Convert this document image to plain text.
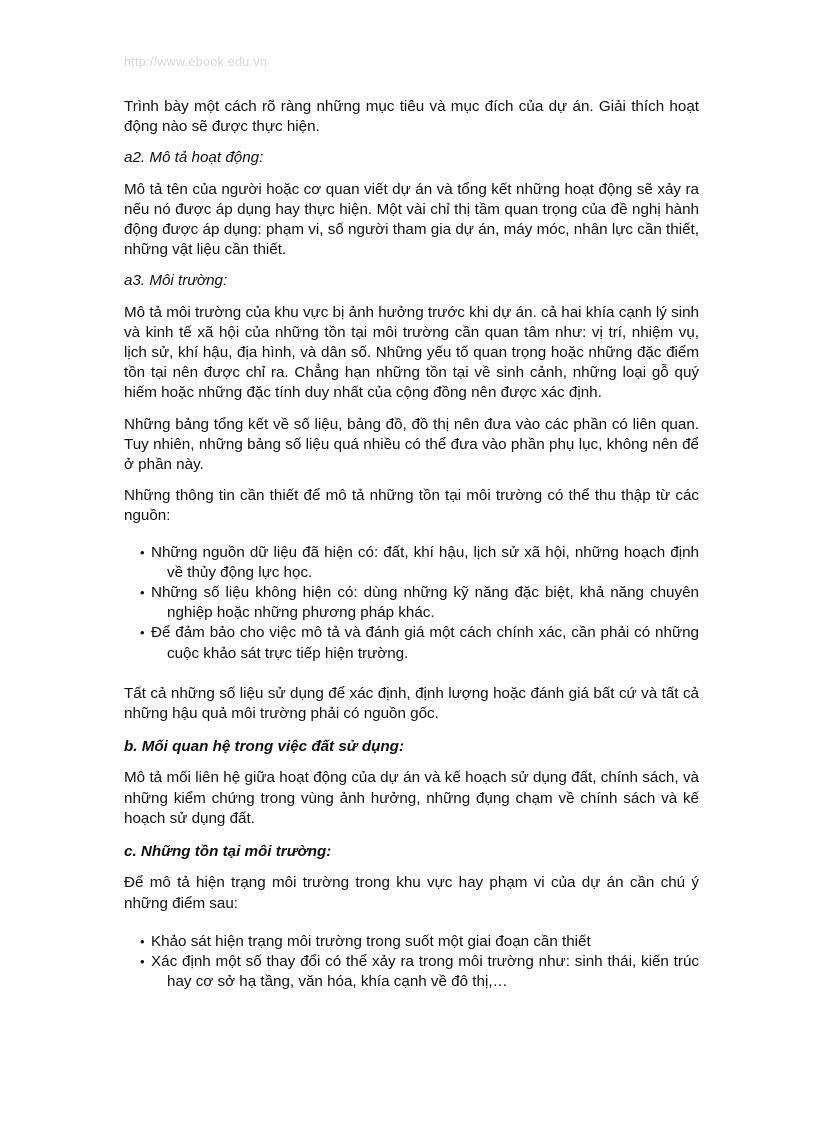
http://www.ebook.edu.vn

Trình bày một cách rõ ràng những mục tiêu và mục đích của dự án. Giải thích hoạt động nào sẽ được thực hiện.

a2. Mô tả hoạt động:

Mô tả tên của người hoặc cơ quan viết dự án và tổng kết những hoạt động sẽ xảy ra nếu nó được áp dụng hay thực hiện. Một vài chỉ thị tầm quan trọng của đề nghị hành động được áp dụng: phạm vi, số người tham gia dự án, máy móc, nhân lực cần thiết, những vật liệu cần thiết.

a3. Môi trường:

Mô tả môi trường của khu vực bị ảnh hưởng trước khi dự án. cả hai khía cạnh lý sinh và kinh tế xã hội của những tồn tại môi trường cần quan tâm như: vị trí, nhiệm vụ, lịch sử, khí hậu, địa hình, và dân số. Những yếu tố quan trọng hoặc những đặc điểm tồn tại nên được chỉ ra. Chẳng hạn những tồn tại về sinh cảnh, những loại gỗ quý hiếm hoặc những đặc tính duy nhất của cộng đồng nên được xác định.

Những bảng tổng kết về số liệu, bảng đồ, đồ thị nên đưa vào các phần có liên quan. Tuy nhiên, những bảng số liệu quá nhiều có thể đưa vào phần phụ lục, không nên để ở phần này.

Những thông tin cần thiết để mô tả những tồn tại môi trường có thể thu thập từ các nguồn:

• Những nguồn dữ liệu đã hiện có: đất, khí hậu, lịch sử xã hội, những hoạch định về thủy động lực học.
• Những số liệu không hiện có: dùng những kỹ năng đặc biệt, khả năng chuyên nghiệp hoặc những phương pháp khác.
• Để đảm bảo cho việc mô tả và đánh giá một cách chính xác, cần phải có những cuộc khảo sát trực tiếp hiện trường.

Tất cả những số liệu sử dụng để xác định, định lượng hoặc đánh giá bất cứ và tất cả những hậu quả môi trường phải có nguồn gốc.

b. Mối quan hệ trong việc đất sử dụng:

Mô tả mối liên hệ giữa hoạt động của dự án và kế hoạch sử dụng đất, chính sách, và những kiểm chứng trong vùng ảnh hưởng, những đụng chạm về chính sách và kế hoạch sử dụng đất.

c. Những tồn tại môi trường:

Để mô tả hiện trạng môi trường trong khu vực hay phạm vi của dự án cần chú ý những điểm sau:

• Khảo sát hiện trạng môi trường trong suốt một giai đoạn cần thiết
• Xác định một số thay đổi có thể xảy ra trong môi trường như: sinh thái, kiến trúc hay cơ sở hạ tầng, văn hóa, khía cạnh về đô thị,…
